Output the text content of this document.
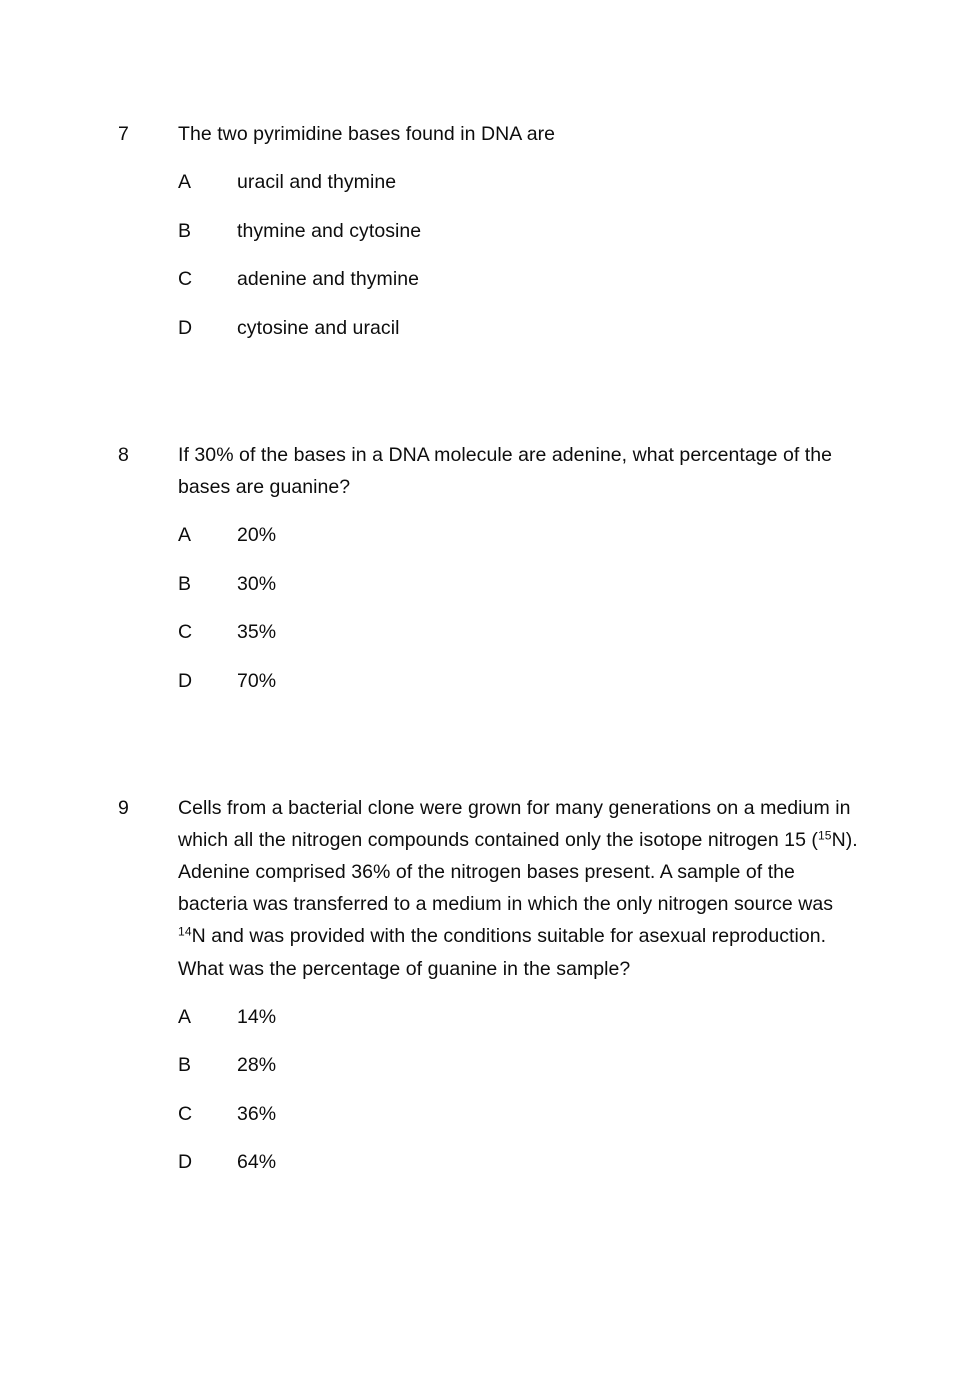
7	The two pyrimidine bases found in DNA are
A	uracil and thymine
B	thymine and cytosine
C	adenine and thymine
D	cytosine and uracil
8	If 30% of the bases in a DNA molecule are adenine, what percentage of the bases are guanine?
A	20%
B	30%
C	35%
D	70%
9	Cells from a bacterial clone were grown for many generations on a medium in which all the nitrogen compounds contained only the isotope nitrogen 15 ($^{15}$N). Adenine comprised 36% of the nitrogen bases present. A sample of the bacteria was transferred to a medium in which the only nitrogen source was $^{14}$N and was provided with the conditions suitable for asexual reproduction. What was the percentage of guanine in the sample?
A	14%
B	28%
C	36%
D	64%
